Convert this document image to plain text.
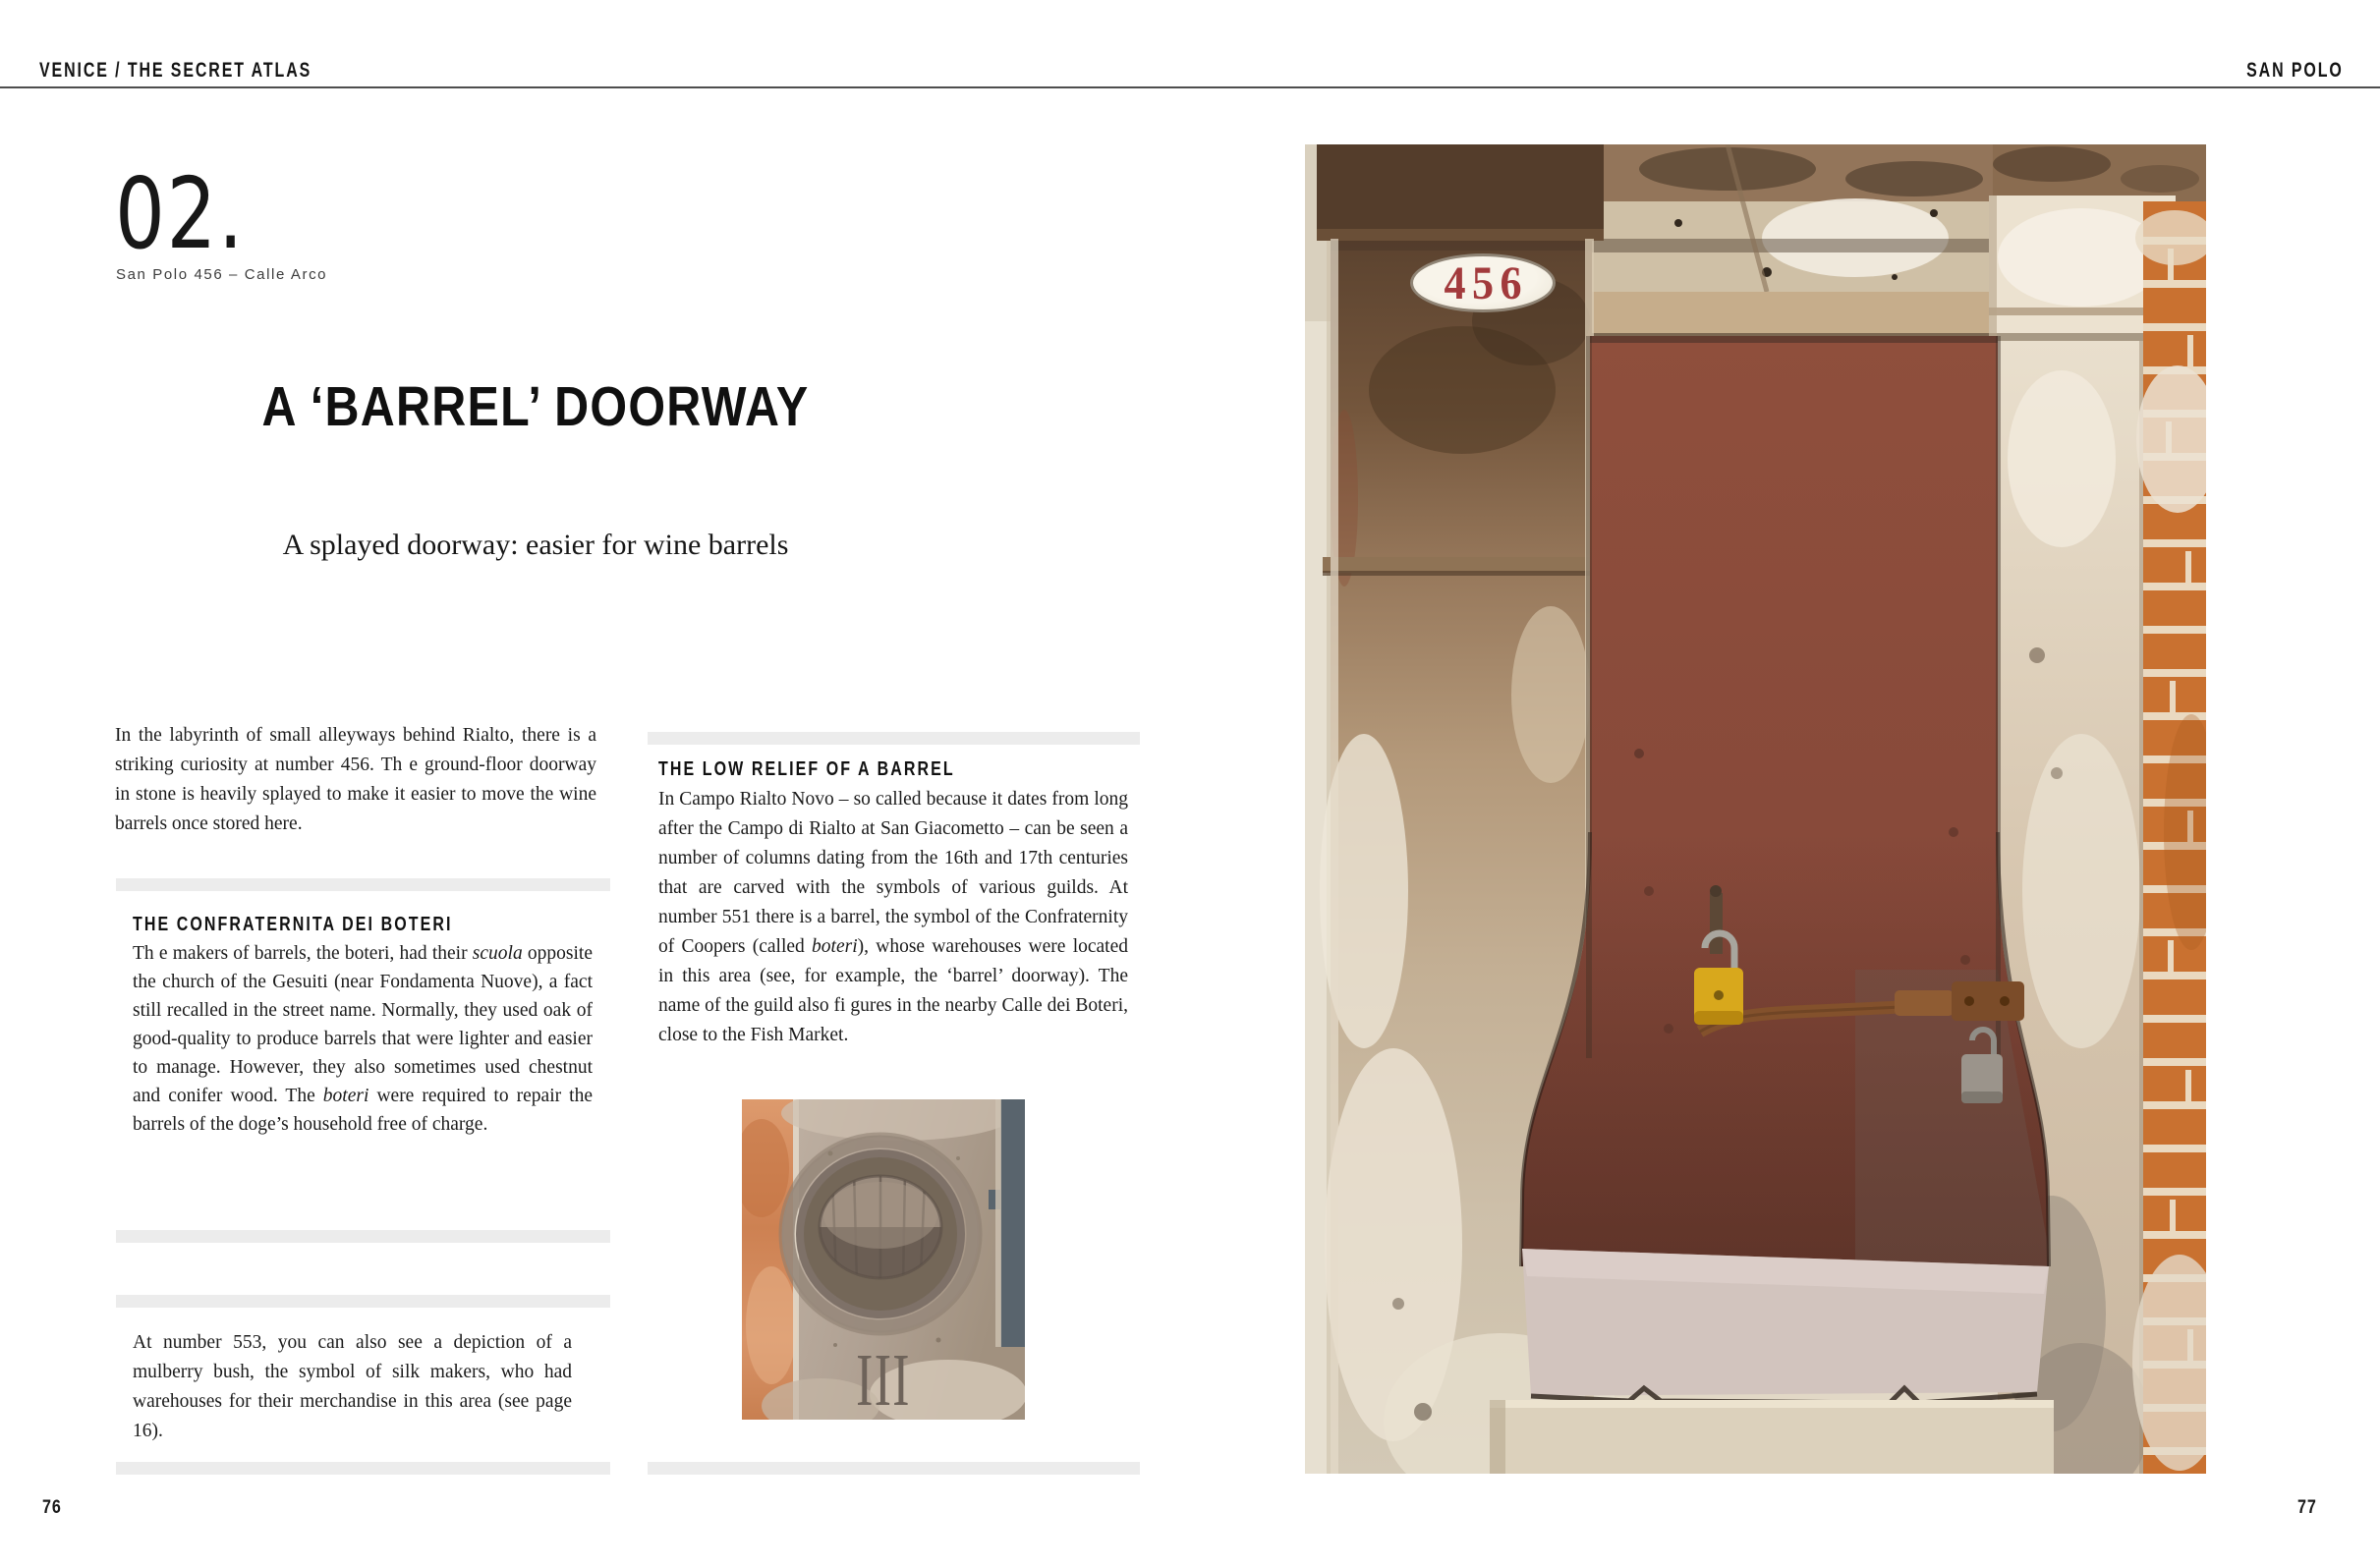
VENICE / THE SECRET ATLAS	SAN POLO
02.
San Polo 456 – Calle Arco
A ‘BARREL’ DOORWAY
A splayed doorway: easier for wine barrels
In the labyrinth of small alleyways behind Rialto, there is a striking curiosity at number 456. Th e ground-floor doorway in stone is heavily splayed to make it easier to move the wine barrels once stored here.
THE CONFRATERNITA DEI BOTERI
Th e makers of barrels, the boteri, had their scuola opposite the church of the Gesuiti (near Fondamenta Nuove), a fact still recalled in the street name. Normally, they used oak of good-quality to produce barrels that were lighter and easier to manage. However, they also sometimes used chestnut and conifer wood. The boteri were required to repair the barrels of the doge’s household free of charge.
At number 553, you can also see a depiction of a mulberry bush, the symbol of silk makers, who had warehouses for their merchandise in this area (see page 16).
THE LOW RELIEF OF A BARREL
In Campo Rialto Novo – so called because it dates from long after the Campo di Rialto at San Giacometto – can be seen a number of columns dating from the 16th and 17th centuries that are carved with the symbols of various guilds. At number 551 there is a barrel, the symbol of the Confraternity of Coopers (called boteri), whose warehouses were located in this area (see, for example, the ‘barrel’ doorway). The name of the guild also fi gures in the nearby Calle dei Boteri, close to the Fish Market.
III
456
76	77
